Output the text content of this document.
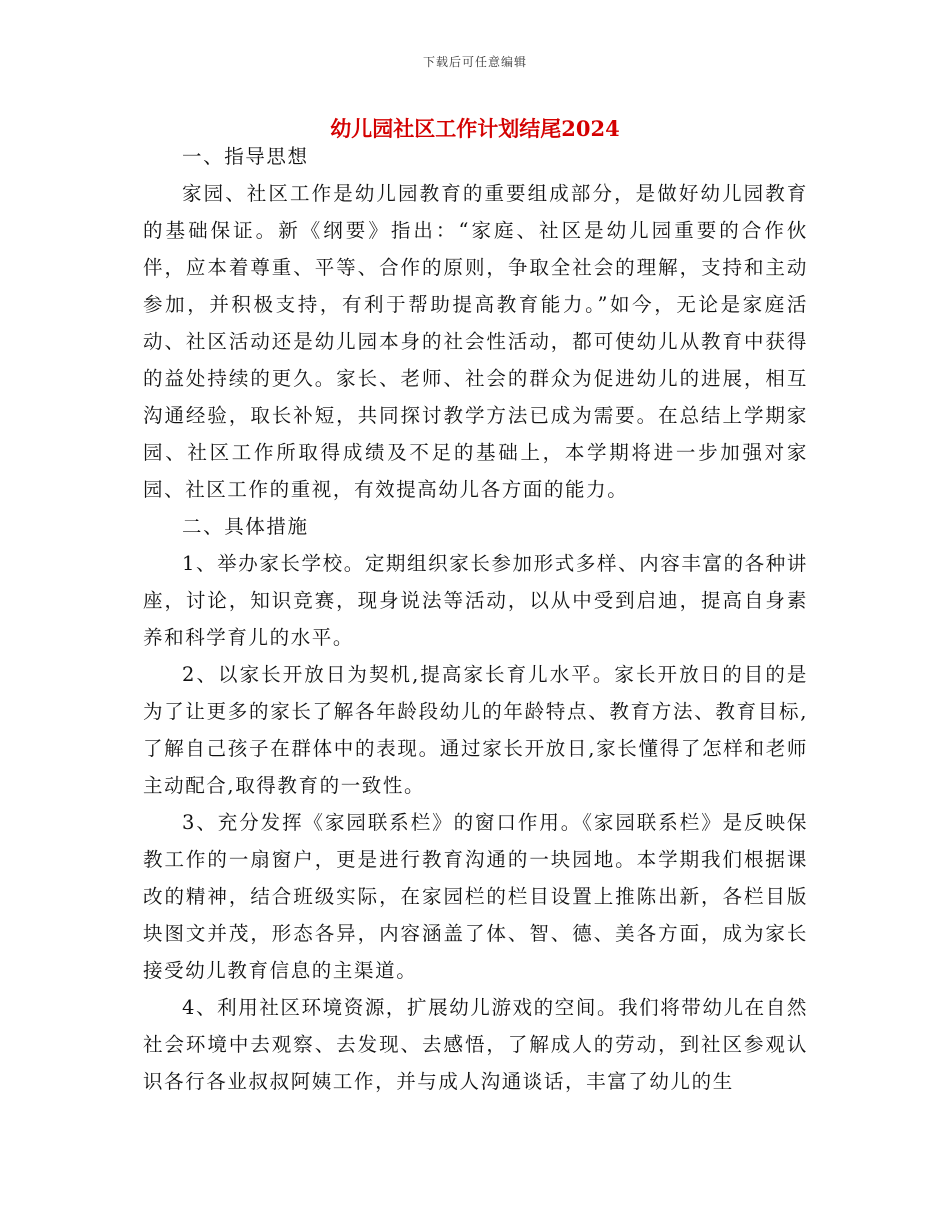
下载后可任意编辑
幼儿园社区工作计划结尾2024

一、指导思想

家园、社区工作是幼儿园教育的重要组成部分，是做好幼儿园教育的基础保证。新《纲要》指出：“家庭、社区是幼儿园重要的合作伙伴，应本着尊重、平等、合作的原则，争取全社会的理解，支持和主动参加，并积极支持，有利于帮助提高教育能力。”如今，无论是家庭活动、社区活动还是幼儿园本身的社会性活动，都可使幼儿从教育中获得的益处持续的更久。家长、老师、社会的群众为促进幼儿的进展，相互沟通经验，取长补短，共同探讨教学方法已成为需要。在总结上学期家园、社区工作所取得成绩及不足的基础上，本学期将进一步加强对家园、社区工作的重视，有效提高幼儿各方面的能力。

二、具体措施

1、举办家长学校。定期组织家长参加形式多样、内容丰富的各种讲座，讨论，知识竞赛，现身说法等活动，以从中受到启迪，提高自身素养和科学育儿的水平。

2、以家长开放日为契机,提高家长育儿水平。家长开放日的目的是为了让更多的家长了解各年龄段幼儿的年龄特点、教育方法、教育目标,了解自己孩子在群体中的表现。通过家长开放日,家长懂得了怎样和老师主动配合,取得教育的一致性。

3、充分发挥《家园联系栏》的窗口作用。《家园联系栏》是反映保教工作的一扇窗户，更是进行教育沟通的一块园地。本学期我们根据课改的精神，结合班级实际，在家园栏的栏目设置上推陈出新，各栏目版块图文并茂，形态各异，内容涵盖了体、智、德、美各方面，成为家长接受幼儿教育信息的主渠道。

4、利用社区环境资源，扩展幼儿游戏的空间。我们将带幼儿在自然社会环境中去观察、去发现、去感悟，了解成人的劳动，到社区参观认识各行各业叔叔阿姨工作，并与成人沟通谈话，丰富了幼儿的生
